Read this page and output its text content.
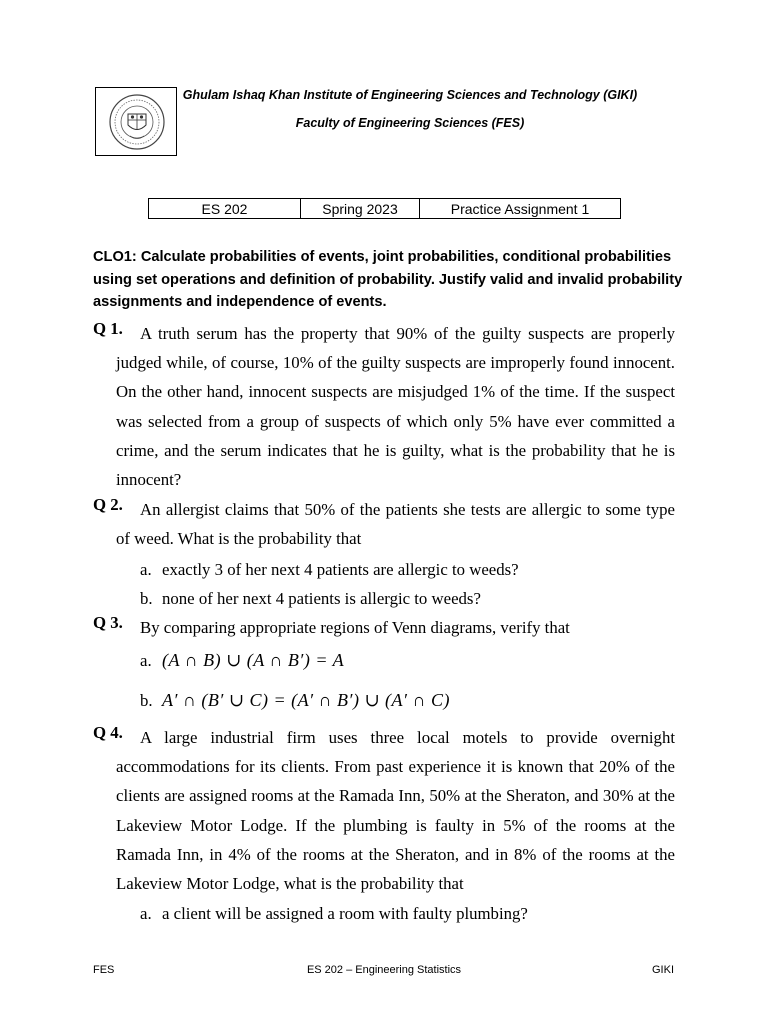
Ghulam Ishaq Khan Institute of Engineering Sciences and Technology (GIKI)
Faculty of Engineering Sciences (FES)
ES 202	Spring 2023	Practice Assignment 1
CLO1: Calculate probabilities of events, joint probabilities, conditional probabilities using set operations and definition of probability. Justify valid and invalid probability assignments and independence of events.
Q 1.	A truth serum has the property that 90% of the guilty suspects are properly judged while, of course, 10% of the guilty suspects are improperly found innocent. On the other hand, innocent suspects are misjudged 1% of the time. If the suspect was selected from a group of suspects of which only 5% have ever committed a crime, and the serum indicates that he is guilty, what is the probability that he is innocent?
Q 2.	An allergist claims that 50% of the patients she tests are allergic to some type of weed. What is the probability that
a. exactly 3 of her next 4 patients are allergic to weeds?
b. none of her next 4 patients is allergic to weeds?
Q 3.	By comparing appropriate regions of Venn diagrams, verify that
a. (A ∩ B) ∪ (A ∩ B′) = A
b. A′ ∩ (B′ ∪ C) = (A′ ∩ B′) ∪ (A′ ∩ C)
Q 4.	A large industrial firm uses three local motels to provide overnight accommodations for its clients. From past experience it is known that 20% of the clients are assigned rooms at the Ramada Inn, 50% at the Sheraton, and 30% at the Lakeview Motor Lodge. If the plumbing is faulty in 5% of the rooms at the Ramada Inn, in 4% of the rooms at the Sheraton, and in 8% of the rooms at the Lakeview Motor Lodge, what is the probability that
a. a client will be assigned a room with faulty plumbing?
FES	ES 202 – Engineering Statistics	GIKI
